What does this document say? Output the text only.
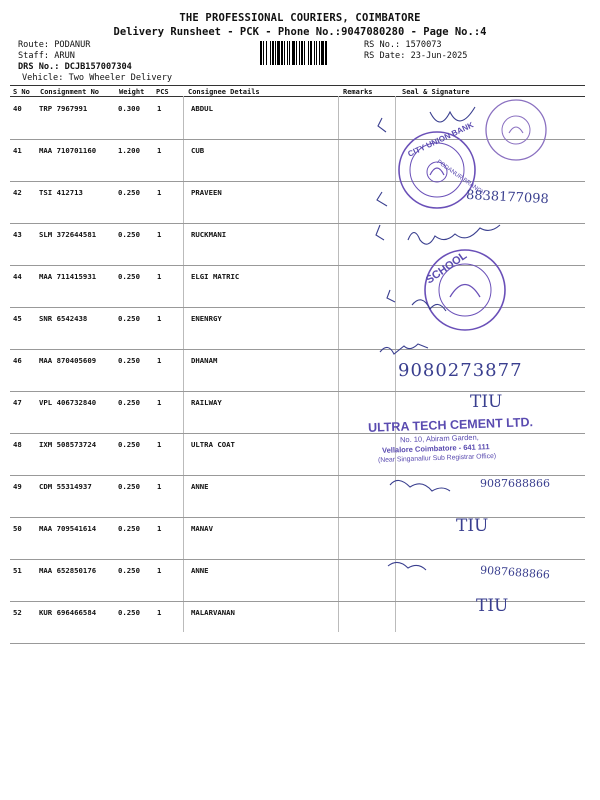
THE PROFESSIONAL COURIERS, COIMBATORE
Delivery Runsheet - PCK - Phone No.:9047080280 - Page No.:4
Route: PODANUR
Staff: ARUN
DRS No.: DCJB157007304
Vehicle: Two Wheeler Delivery
RS No.: 1570073
RS Date: 23-Jun-2025
S No Consignment No	Weight PCS	Consignee Details	Remarks	Seal & Signature
40 TRP 7967991	0.300 1	ABDUL
41 MAA 710701160	1.200 1	CUB
42 TSI 412713	0.250 1	PRAVEEN
43 SLM 372644581	0.250 1	RUCKMANI
44 MAA 711415931	0.250 1	ELGI MATRIC
45 SNR 6542438	0.250 1	ENENRGY
46 MAA 870405609	0.250 1	DHANAM
47 VPL 406732840	0.250 1	RAILWAY
48 IXM 508573724	0.250 1	ULTRA COAT
49 CDM 55314937	0.250 1	ANNE
50 MAA 709541614	0.250 1	MANAV
51 MAA 652850176	0.250 1	ANNE
52 KUR 696466584	0.250 1	MALARVANAN
CITY UNION BANK
PODANUR BRANCH
SCHOOL
ULTRA TECH CEMENT LTD.
No. 10, Abiram Garden,
Vellalore Coimbatore - 641 111
(Near Singanallur Sub Registrar Office)
8838177098
9080273877
TIU
9087688866
TIU
9087688866
TIU
